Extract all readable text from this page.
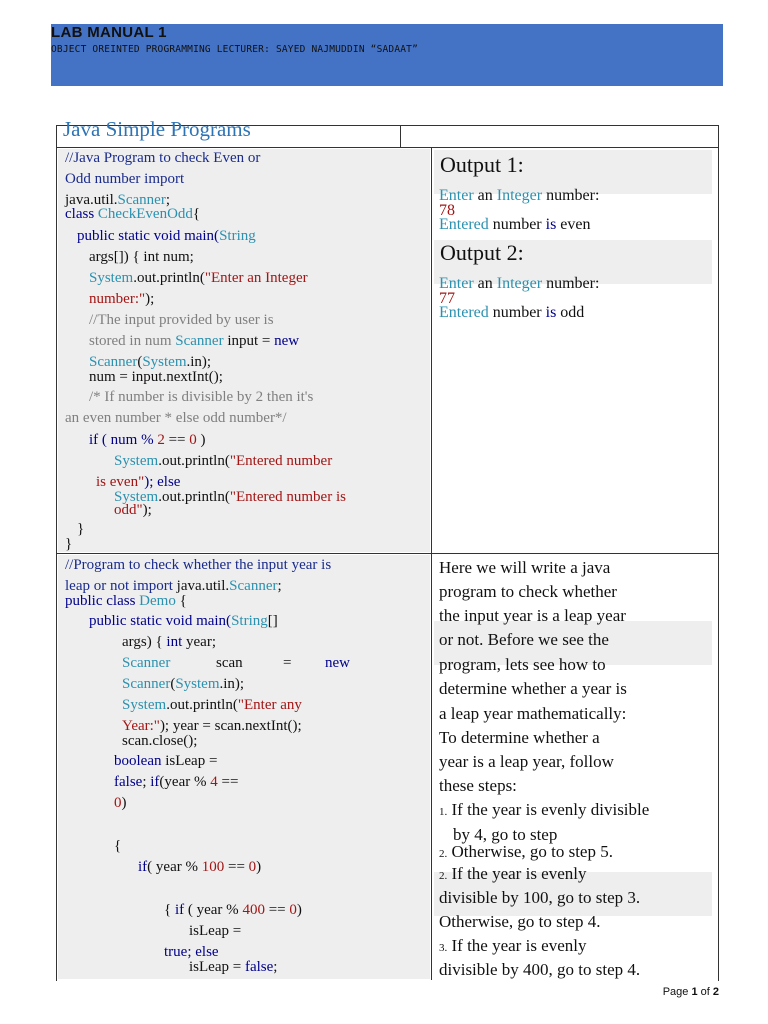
LAB MANUAL 1
OBJECT OREINTED PROGRAMMING LECTURER: SAYED NAJMUDDIN “SADAAT”
Java Simple Programs
//Java Program to check Even or
Odd number import
java.util.Scanner;
class CheckEvenOdd{
public static void main(String
args[]) { int num;
System.out.println("Enter an Integer
number:");
//The input provided by user is
stored in num Scanner input = new
Scanner(System.in);
num = input.nextInt();
/* If number is divisible by 2 then it's
an even number * else odd number*/
if ( num % 2 == 0 )
System.out.println("Entered number
is even"); else
System.out.println("Entered number is
odd");
}
}
Output 1:
Enter an Integer number:
78
Entered number is even
Output 2:
Enter an Integer number:
77
Entered number is odd
//Program to check whether the input year is
leap or not import java.util.Scanner;
public class Demo {
public static void main(String[]
args) { int year;
Scanner	scan	= new
Scanner(System.in);
System.out.println("Enter any
Year:"); year = scan.nextInt();
scan.close();
boolean isLeap =
false; if(year % 4 ==
0)
{
if( year % 100 == 0)
{ if ( year % 400 == 0)
isLeap =
true; else
isLeap = false;
Here we will write a java
program to check whether
the input year is a leap year
or not. Before we see the
program, lets see how to
determine whether a year is
a leap year mathematically:
To determine whether a
year is a leap year, follow
these steps:
1. If the year is evenly divisible
by 4, go to step
2. Otherwise, go to step 5.
2. If the year is evenly
divisible by 100, go to step 3.
Otherwise, go to step 4.
3. If the year is evenly
divisible by 400, go to step 4.
Page 1 of 2
